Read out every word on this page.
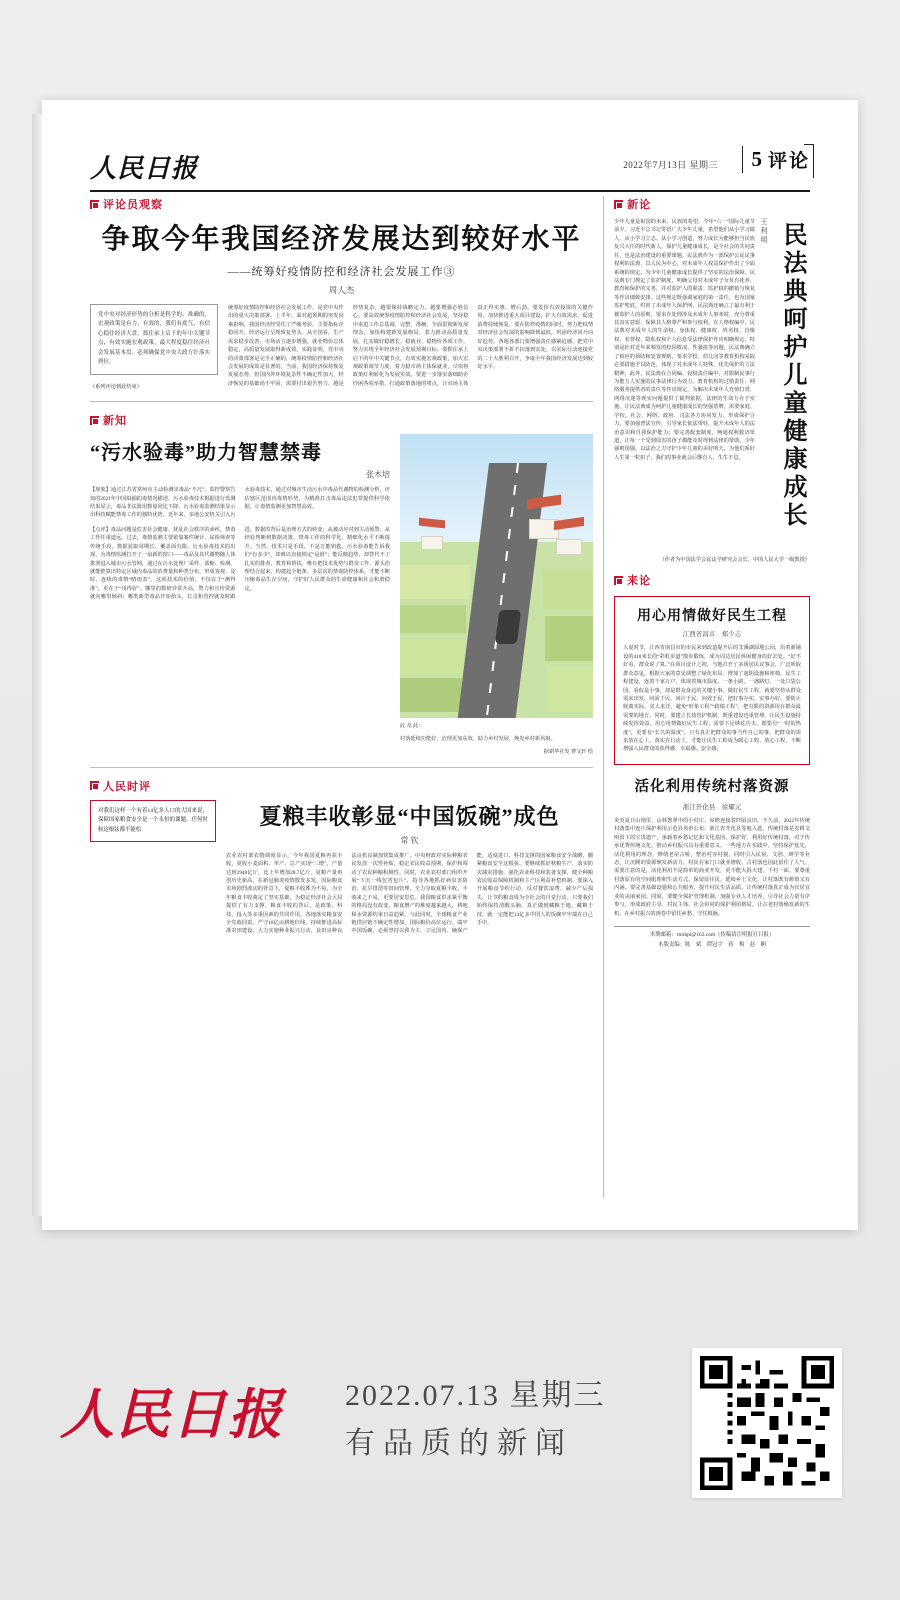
人民日报	2022年7月13日 星期三 5 评论
评论员观察
争取今年我国经济发展达到较好水平
——统筹好疫情防控和经济社会发展工作③
周人杰
党中央对经济形势的分析是科学的、准确的，宏观政策是有力、有效的，我们有底气、有信心稳住经济大盘。抓住承上启下的年中关键节点，有效实施宏观政策，最大程度稳住经济社会发展基本盘，必须确保党中央大政方针落实到位。
（系列评论到此结束）
统筹好疫情防控和经济社会发展工作，是党中央作出的重大决策部署。上半年，面对超预期的突发因素影响，我国经济经受住了严峻考验，主要指标企稳回升，经济运行呈现恢复势头。从全国看，生产需求稳步改善，市场活力逐步增强，就业物价总体稳定，高质量发展取得新成效。实践证明，党中央的决策部署是完全正确的，统筹疫情防控和经济社会发展的成效是显著的。当前，我国经济保持恢复发展态势，但国内外环境复杂性不确定性加大，经济恢复的基础尚不牢固，需要付出艰苦努力。越是形势复杂，越要保持战略定力，越要增强必胜信心。要高效统筹疫情防控和经济社会发展，坚持稳中求进工作总基调，完整、准确、全面贯彻新发展理念，加快构建新发展格局，着力推动高质量发展，扎实做好稳增长、稳就业、稳物价各项工作，努力实现全年经济社会发展预期目标。要抓住承上启下的年中关键节点，有效实施宏观政策，加大宏观政策调节力度，着力稳市场主体保就业，尽快将政策红利转化为发展实效。要进一步落实落细助企纾困各项举措，打通政策落地的堵点，让市场主体真正得实惠、增后劲。要发挥有效投资的关键作用，加快推进重大项目建设，扩大有效需求，促进消费持续恢复。要在防控疫情的同时，努力把疫情对经济社会发展的影响降到最低，巩固经济回升向好趋势。各地各部门要增强责任感紧迫感，把党中央决策部署不折不扣落到实处，以实际行动迎接党的二十大胜利召开，争取全年我国经济发展达到较好水平。
新知
“污水验毒”助力智慧禁毒
张木培
【现象】通过江苏省常州市主动检测出毒品“不凡”，监控警察告知的2021年中国缉捕的毒情况描述，污水验毒技术根据进行监测结果显示，毒品非法滥用数量同比下降，污水验毒监测结果显示出科技赋能禁毒工作的独特优势。近年来，多地公安机关引入污水验毒技术，通过对城市生活污水中毒品代谢物的检测分析，评估辖区范围内毒情形势，为精准打击毒品违法犯罪提供科学依据，让毒情监测更加智慧高效。
【点评】毒品问题是危害社会健康、扰乱社会秩序的顽疾，禁毒工作任重道远。过去，毒情监测主要依靠案件统计、尿检筛查等传统手段，数据获取周期长、覆盖面有限。污水验毒技术的出现，为毒情监测打开了一扇新的窗口——毒品及其代谢物随人体排泄进入城市污水管网，通过在污水处理厂采样、浓缩、检测，就能推算出特定区域内毒品的消费量和种类分布，形成客观、及时、连续的毒情“晴雨表”。这项技术的价值，不仅在于“测得准”，更在于“用得好”。哪里的数值异常升高，警力和宣传资源就向哪里倾斜；哪类新型毒品开始抬头，打击和管控就及时跟进。数据的背后是治理方式的转变：从被动应对到主动预警，从经验判断到数据决策，禁毒工作的科学化、精细化水平不断提升。当然，技术只是手段，不是万能钥匙。污水验毒能告诉我们“有多少”，却难以直接锁定“是谁”；能反映趋势，却替代不了扎实的排查、教育和帮扶。唯有把技术优势与群众工作、源头治理结合起来，构建起全链条、多层次的禁毒防控体系，才能不断压缩毒品生存空间，守护好人民群众的生命健康和社会和谐稳定。
此 及 此：
村落延续功能好，治理更加高效。助力乡村发展，焕发乡村新风貌。
据新华社发 曹文轩 绘
人民时评
对我们这样一个有着14亿多人口的大国来说，保障国家粮食安全是一个永恒的课题，任何时候这根弦都不能松
夏粮丰收彰显“中国饭碗”成色
常 钦
农业农村部农情调度显示，今年我国夏粮再获丰收，夏收小麦面积、单产、总产实现“三增”，产量达到2948亿斤，比上年增加28.7亿斤，夏粮产量再创历史新高。在新冠肺炎疫情散发多发、国际粮食市场剧烈波动的背景下，夏粮丰收殊为不易，为全年粮食丰收奠定了坚实基础，为稳定经济社会大局提供了有力支撑。粮食丰收的背后，是政策、科技、投入等多重因素的共同作用。各地落实粮食安全党政同责，严守18亿亩耕地红线，持续推进高标准农田建设，大力实施种业振兴行动，良田良种良法良机良制加快集成推广。中央财政对实际种粮农民发放一次性补贴，稳定农民收益预期，保护和调动了农民种粮积极性。同时，农业农村部门组织开展“下沉一线包省包片”，指导各地抓好病虫害防治、抗旱排涝等田间管理，全力夺取夏粮丰收。丰收来之不易，更要居安思危。我国粮食供求紧平衡的格局没有改变，粮食增产的难度越来越大，耕地和水资源约束日益趋紧。与此同时，全球粮食产业链供应链不确定性增加，国际粮价高位运行。端牢中国饭碗，必须坚持以我为主、立足国内、确保产能、适度进口、科技支撑的国家粮食安全战略，绷紧粮食安全这根弦。要继续抓好秋粮生产，落实防灾减灾措施，强化农业科技和装备支撑，健全种粮农民收益保障机制和主产区利益补偿机制。要深入开展粮食节约行动，反对餐饮浪费，减少产后损失，让节约粮食成为全社会的自觉行动。只要我们始终保持清醒头脑，真正做到藏粮于地、藏粮于技，就一定能把14亿多中国人的饭碗牢牢端在自己手中。
新论
民法典呵护儿童健康成长
王利明
少年儿童是祖国的未来、民族的希望。今年“六一”国际儿童节前夕，习近平总书记寄语广大少年儿童，希望他们从小学习做人、从小学习立志、从小学习创造，努力成长为能够担当民族复兴大任的时代新人。保护儿童健康成长，是全社会的共同责任，也是法治建设的重要课题。民法典作为一部保护公民民事权利的法典，以人民为中心，对未成年人权益保护作出了全面系统的规定，为少年儿童健康成长提供了坚实的法治保障。民法典专门规定了监护制度，明确父母对未成年子女负有抚养、教育和保护的义务，并对监护人的职责、监护权的撤销与恢复等作出细致安排。这些规定既强调家庭的第一责任，也为国家监护兜底，织密了未成年人保护网。民法典还确立了最有利于被监护人的原则，要求在处理涉及未成年人事务时，充分尊重其真实意愿，保障其人格尊严和参与权利。在人格权编中，民法典对未成年人的生命权、身体权、健康权、姓名权、肖像权、名誉权、隐私权和个人信息受法律保护作出明确规定。特别是针对近年来频发的校园欺凌、性骚扰等问题，民法典确立了相应的预防和处置规则，要求学校、幼儿园等教育机构采取必要措施予以防范，体现了对未成年人特殊、优先保护的立法精神。此外，民法典在合同编、侵权责任编中，对限制民事行为能力人实施的民事法律行为效力、教育机构的过错责任、网络服务提供者的责任等作出规定，为解决未成年人充值打赏、网络沉迷等现实问题提供了裁判依据。法律的生命力在于实施。让民法典成为呵护儿童健康成长的坚强盾牌，需要家庭、学校、社会、网络、政府、司法各方协同发力，形成保护合力。要加强普法宣传，引导家长依法带娃，提升未成年人的法治意识和自我保护能力；要完善配套制度，畅通权利救济渠道，让每一个受到侵害的孩子都能及时得到法律的帮助。少年强则国强。以法治之力守护少年儿童的美好明天，为他们系好人生第一粒扣子，我们的事业就会后继有人、生生不息。
（作者为中国法学会民法学研究会会长、中国人民大学一级教授）
来论
用心用情做好民生工程
江西省昌市　郑少志
入夏时节，江西省南昌市的市民来到改造提升后的艾溪湖湿地公园，沿着新铺设的410米长的“彩虹步道”散步锻炼，成为周边居民休闲健身的好去处。“好不好看，群众说了算。”在项目设计之初，当地召开了多场居民议事会，广泛听取群众意见，根据大家的意见调整了绿化布局、增加了遮阴设施和座椅。民生工程建设，连着千家万户，体现着城市温度。一条小路、一盏路灯、一处口袋公园，看似是小事，却是群众身边的关键小事。做好民生工程，就要坚持从群众需求出发，问需于民、问计于民、问效于民，把好事办实、实事办好。要防止脱离实际、贪大求洋，避免“形象工程”“政绩工程”，把有限的资源用在群众最需要的地方。同时，要建立长效管护机制，既重建设也重管理，让民生设施持续发挥效益。用心用情做好民生工程，需要下足绣花功夫，既要有“一时的热度”，更要有“长久的温度”。只有真正把群众的事当作自己的事，把群众的需求放在心上、落实在行动上，才能让民生工程成为暖心工程、放心工程，不断增强人民群众的获得感、幸福感、安全感。
活化利用传统村落资源
浙江开化县　徐耀元
炎炎夏日山坳里，山林葱翠中的小村庄，屋檐连接着阡陌良田。不久前，2022年传统村落集中连片保护利用示范县名单公布，浙江省开化县等地入选。传统村落是农耕文明留下的宝贵遗产，承载着乡愁记忆和文化基因。保护好、利用好传统村落，对于传承优秀传统文化、推动乡村振兴具有重要意义。一些地方在实践中，坚持保护优先、活化利用的理念，修缮老屋古桥，整治村容村貌，同时引入民宿、文创、研学等业态，让沉睡的资源焕发新活力。村民在家门口就业增收，古村落也因此留住了人气。需要注意的是，活化利用不是简单的商业开发，更不能大拆大建、千村一面。要尊重村落原有的空间肌理和生活方式，保留原住民，延续乡土文化，让村落既有颜值又有内涵。要完善基础设施和公共服务，提升村民生活品质，让传统村落真正成为宜居宜业的美丽家园。同时，要健全保护管理机制，加强专业人才培养，引导社会力量有序参与，形成政府主导、村民主体、社会协同的保护利用格局。让古老村落焕发新的生机，在乡村振兴的画卷中留住乡愁、守住根脉。
本期邮箱：rmrbpl@163.com（传稿请注明报社日报）
本版责编：陈　斌　谭冠宇　蒋　梅　赵　婀
人民日报 2022.07.13 星期三
有品质的新闻
